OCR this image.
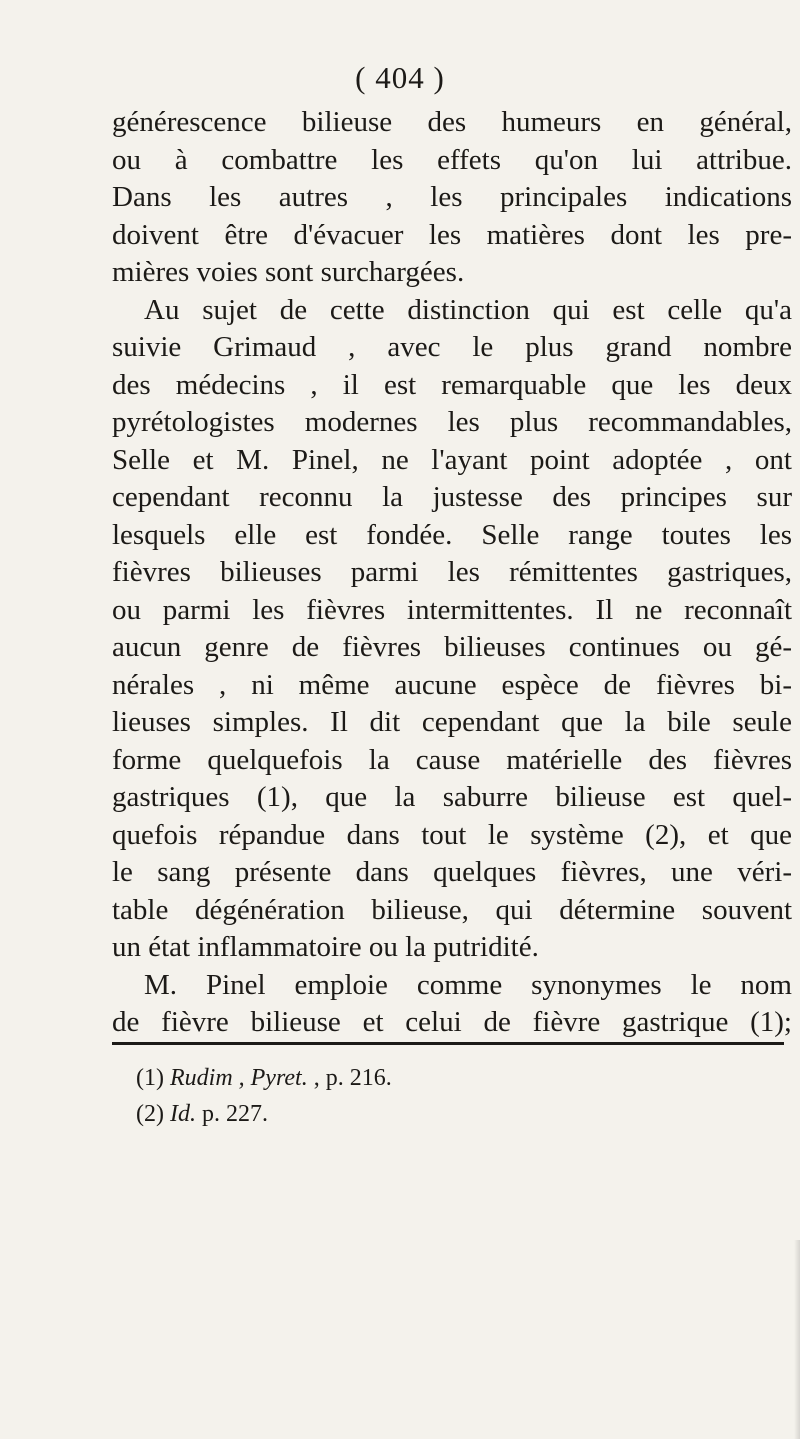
( 404 )
générescence bilieuse des humeurs en général,
ou à combattre les effets qu'on lui attribue.
Dans les autres , les principales indications
doivent être d'évacuer les matières dont les pre-
mières voies sont surchargées.
Au sujet de cette distinction qui est celle qu'a
suivie Grimaud , avec le plus grand nombre
des médecins , il est remarquable que les deux
pyrétologistes modernes les plus recommandables,
Selle et M. Pinel, ne l'ayant point adoptée , ont
cependant reconnu la justesse des principes sur
lesquels elle est fondée. Selle range toutes les
fièvres bilieuses parmi les rémittentes gastriques,
ou parmi les fièvres intermittentes. Il ne reconnaît
aucun genre de fièvres bilieuses continues ou gé-
nérales , ni même aucune espèce de fièvres bi-
lieuses simples. Il dit cependant que la bile seule
forme quelquefois la cause matérielle des fièvres
gastriques (1), que la saburre bilieuse est quel-
quefois répandue dans tout le système (2), et que
le sang présente dans quelques fièvres, une véri-
table dégénération bilieuse, qui détermine souvent
un état inflammatoire ou la putridité.
M. Pinel emploie comme synonymes le nom
de fièvre bilieuse et celui de fièvre gastrique (1);
(1) Rudim , Pyret. , p. 216.
(2) Id. p. 227.
